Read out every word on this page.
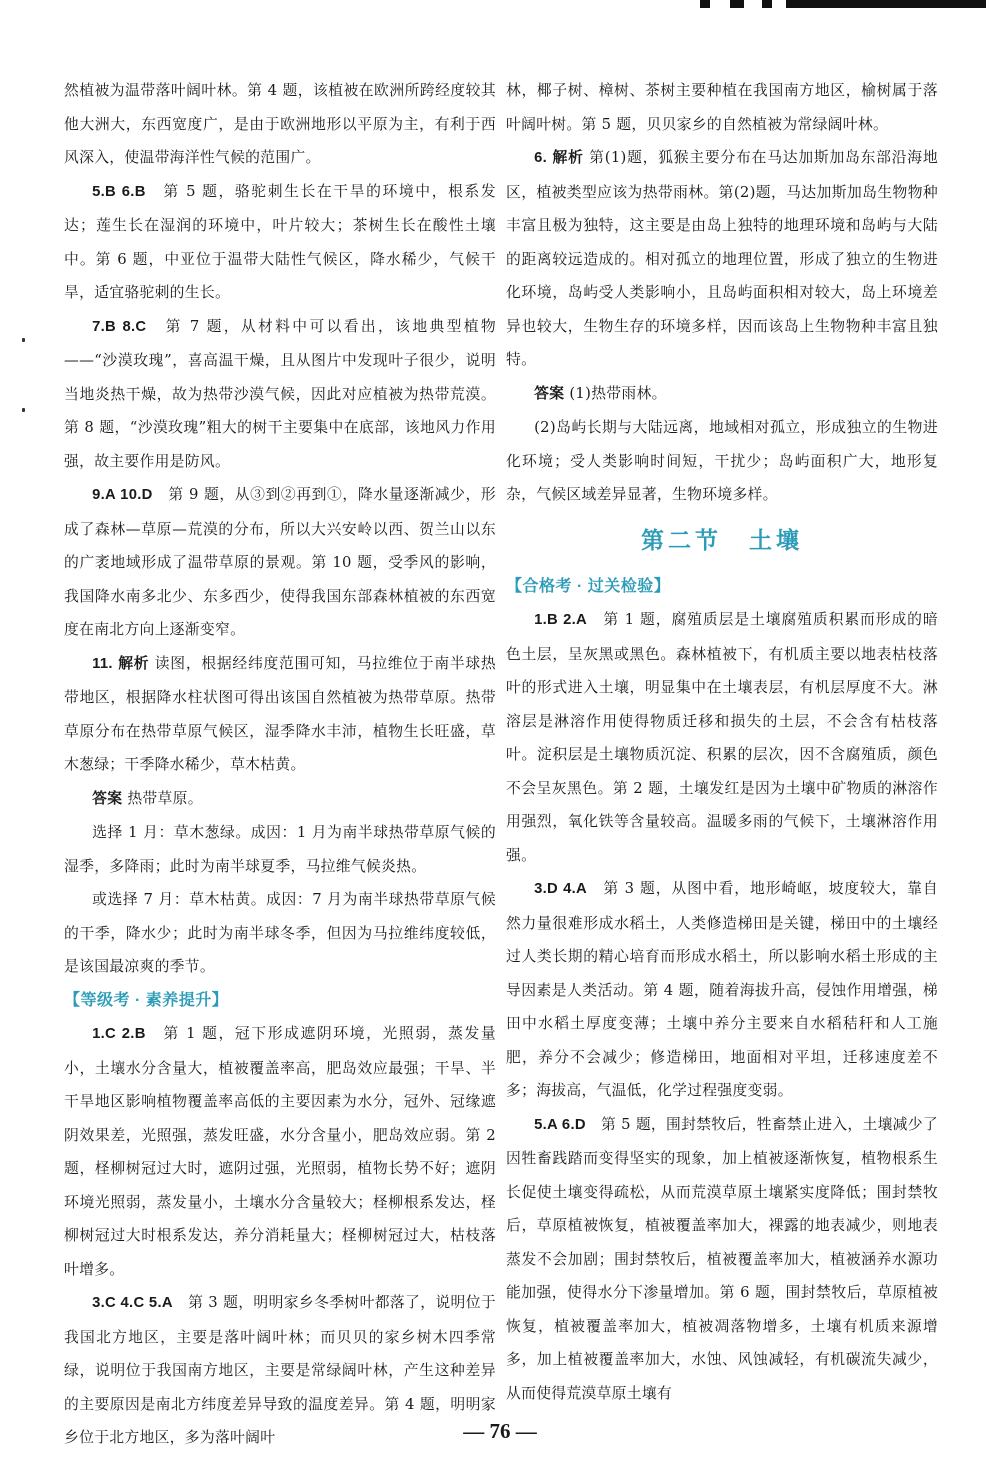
然植被为温带落叶阔叶林。第 4 题，该植被在欧洲所跨经度较其他大洲大，东西宽度广，是由于欧洲地形以平原为主，有利于西风深入，使温带海洋性气候的范围广。

5.B 6.B　 第 5 题，骆驼刺生长在干旱的环境中，根系发达；莲生长在湿润的环境中，叶片较大；茶树生长在酸性土壤中。第 6 题，中亚位于温带大陆性气候区，降水稀少，气候干旱，适宜骆驼刺的生长。

7.B 8.C　 第 7 题，从材料中可以看出，该地典型植物——“沙漠玫瑰”，喜高温干燥，且从图片中发现叶子很少，说明当地炎热干燥，故为热带沙漠气候，因此对应植被为热带荒漠。第 8 题，“沙漠玫瑰”粗大的树干主要集中在底部，该地风力作用强，故主要作用是防风。

9.A 10.D　 第 9 题，从③到②再到①，降水量逐渐减少，形成了森林—草原—荒漠的分布，所以大兴安岭以西、贺兰山以东的广袤地域形成了温带草原的景观。第 10 题，受季风的影响，我国降水南多北少、东多西少，使得我国东部森林植被的东西宽度在南北方向上逐渐变窄。

11. 解析 读图，根据经纬度范围可知，马拉维位于南半球热带地区，根据降水柱状图可得出该国自然植被为热带草原。热带草原分布在热带草原气候区，湿季降水丰沛，植物生长旺盛，草木葱绿；干季降水稀少，草木枯黄。

答案 热带草原。

选择 1 月：草木葱绿。成因：1 月为南半球热带草原气候的湿季，多降雨；此时为南半球夏季，马拉维气候炎热。

或选择 7 月：草木枯黄。成因：7 月为南半球热带草原气候的干季，降水少；此时为南半球冬季，但因为马拉维纬度较低，是该国最凉爽的季节。

【等级考 · 素养提升】

1.C 2.B　 第 1 题，冠下形成遮阴环境，光照弱，蒸发量小，土壤水分含量大，植被覆盖率高，肥岛效应最强；干旱、半干旱地区影响植物覆盖率高低的主要因素为水分，冠外、冠缘遮阴效果差，光照强，蒸发旺盛，水分含量小，肥岛效应弱。第 2 题，柽柳树冠过大时，遮阴过强，光照弱，植物长势不好；遮阴环境光照弱，蒸发量小，土壤水分含量较大；柽柳根系发达，柽柳树冠过大时根系发达，养分消耗量大；柽柳树冠过大，枯枝落叶增多。

3.C 4.C 5.A　 第 3 题，明明家乡冬季树叶都落了，说明位于我国北方地区，主要是落叶阔叶林；而贝贝的家乡树木四季常绿，说明位于我国南方地区，主要是常绿阔叶林，产生这种差异的主要原因是南北方纬度差异导致的温度差异。第 4 题，明明家乡位于北方地区，多为落叶阔叶

林，椰子树、樟树、茶树主要种植在我国南方地区，榆树属于落叶阔叶树。第 5 题，贝贝家乡的自然植被为常绿阔叶林。

6. 解析 第(1)题，狐猴主要分布在马达加斯加岛东部沿海地区，植被类型应该为热带雨林。第(2)题，马达加斯加岛生物物种丰富且极为独特，这主要是由岛上独特的地理环境和岛屿与大陆的距离较远造成的。相对孤立的地理位置，形成了独立的生物进化环境，岛屿受人类影响小，且岛屿面积相对较大，岛上环境差异也较大，生物生存的环境多样，因而该岛上生物物种丰富且独特。

答案 (1)热带雨林。

(2)岛屿长期与大陆远离，地域相对孤立，形成独立的生物进化环境；受人类影响时间短，干扰少；岛屿面积广大，地形复杂，气候区域差异显著，生物环境多样。

第二节　土壤

【合格考 · 过关检验】

1.B 2.A　 第 1 题，腐殖质层是土壤腐殖质积累而形成的暗色土层，呈灰黑或黑色。森林植被下，有机质主要以地表枯枝落叶的形式进入土壤，明显集中在土壤表层，有机层厚度不大。淋溶层是淋溶作用使得物质迁移和损失的土层，不会含有枯枝落叶。淀积层是土壤物质沉淀、积累的层次，因不含腐殖质，颜色不会呈灰黑色。第 2 题，土壤发红是因为土壤中矿物质的淋溶作用强烈，氧化铁等含量较高。温暖多雨的气候下，土壤淋溶作用强。

3.D 4.A　 第 3 题，从图中看，地形崎岖，坡度较大，靠自然力量很难形成水稻土，人类修造梯田是关键，梯田中的土壤经过人类长期的精心培育而形成水稻土，所以影响水稻土形成的主导因素是人类活动。第 4 题，随着海拔升高，侵蚀作用增强，梯田中水稻土厚度变薄；土壤中养分主要来自水稻秸秆和人工施肥，养分不会减少；修造梯田，地面相对平坦，迁移速度差不多；海拔高，气温低，化学过程强度变弱。

5.A 6.D　 第 5 题，围封禁牧后，牲畜禁止进入，土壤减少了因牲畜践踏而变得坚实的现象，加上植被逐渐恢复，植物根系生长促使土壤变得疏松，从而荒漠草原土壤紧实度降低；围封禁牧后，草原植被恢复，植被覆盖率加大，裸露的地表减少，则地表蒸发不会加剧；围封禁牧后，植被覆盖率加大，植被涵养水源功能加强，使得水分下渗量增加。第 6 题，围封禁牧后，草原植被恢复，植被覆盖率加大，植被凋落物增多，土壤有机质来源增多，加上植被覆盖率加大，水蚀、风蚀减轻，有机碳流失减少，从而使得荒漠草原土壤有

— 76 —
